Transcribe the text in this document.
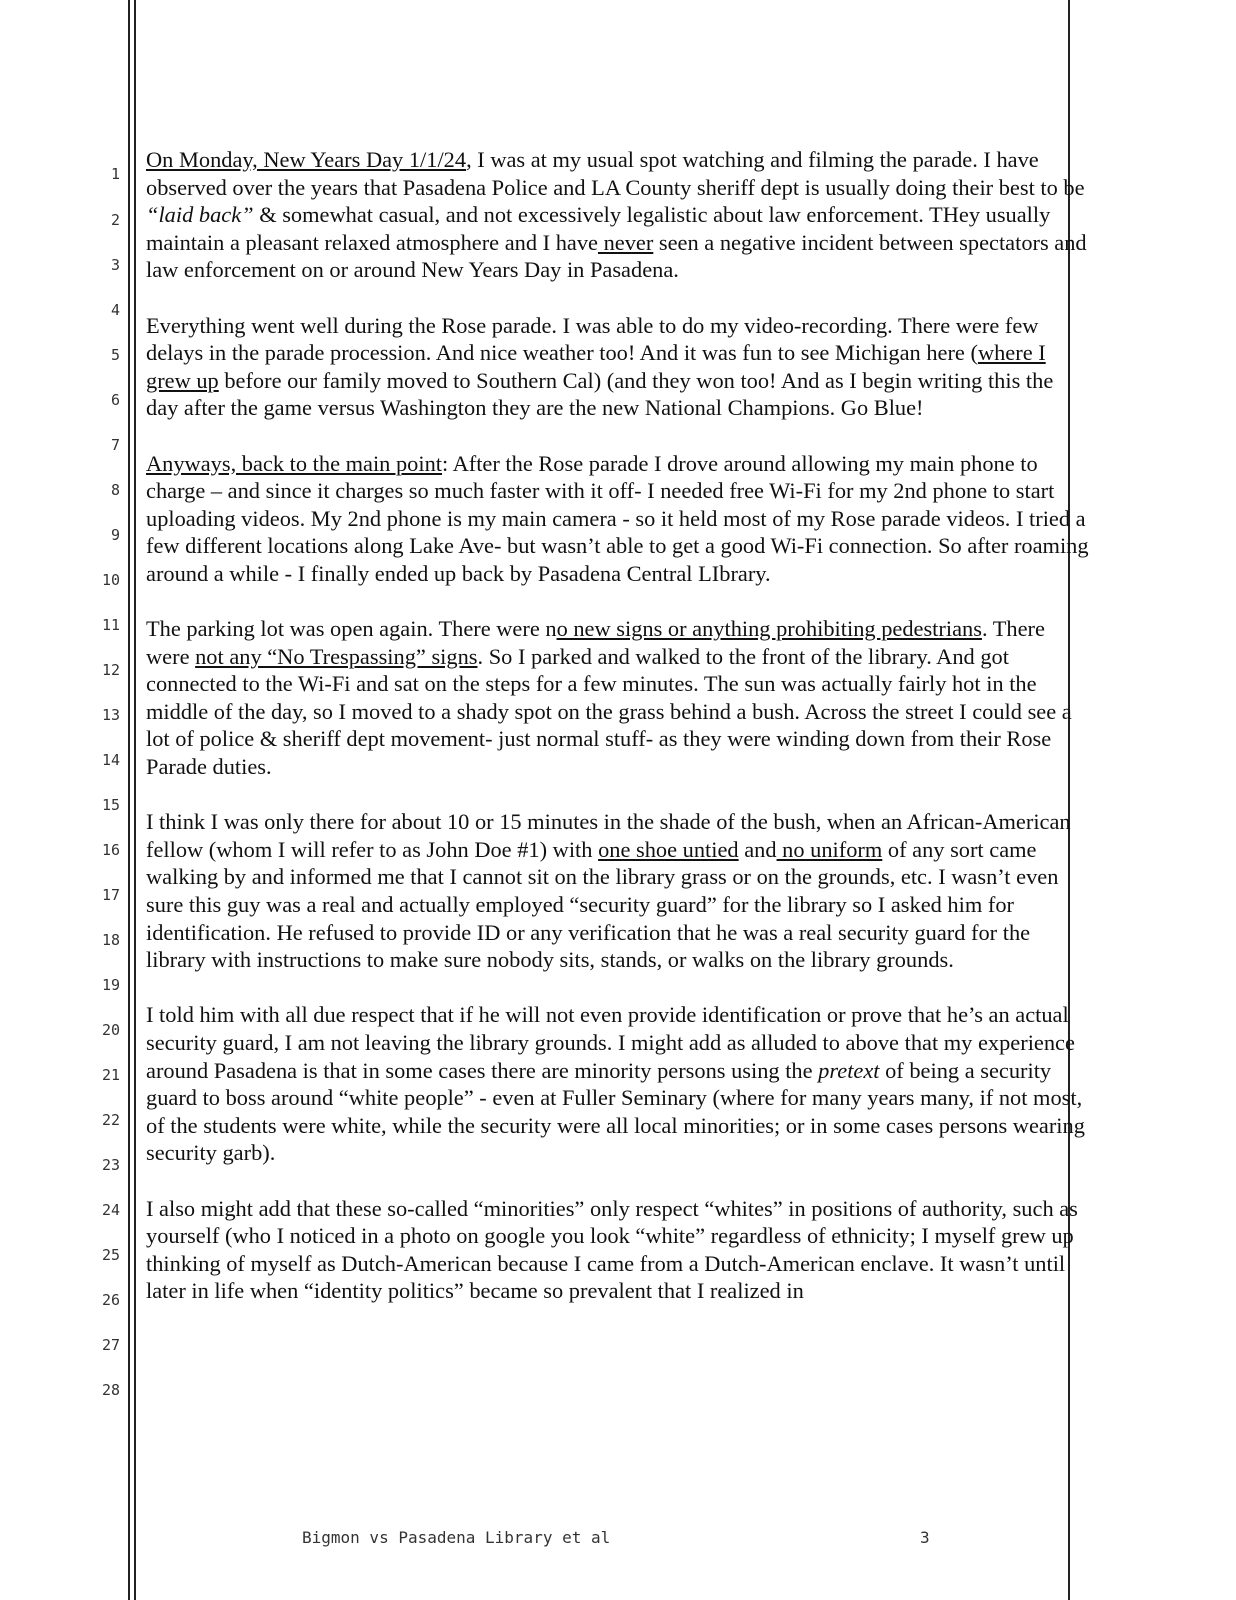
1
2
3
4
5
6
7
8
9
10
11
12
13
14
15
16
17
18
19
20
21
22
23
24
25
26
27
28

On Monday, New Years Day 1/1/24, I was at my usual spot watching and filming the parade. I have observed over the years that Pasadena Police and LA County sheriff dept is usually doing their best to be “laid back” & somewhat casual, and not excessively legalistic about law enforcement. THey usually maintain a pleasant relaxed atmosphere and I have never seen a negative incident between spectators and law enforcement on or around New Years Day in Pasadena.

Everything went well during the Rose parade. I was able to do my video-recording. There were few delays in the parade procession. And nice weather too! And it was fun to see Michigan here (where I grew up before our family moved to Southern Cal) (and they won too! And as I begin writing this the day after the game versus Washington they are the new National Champions. Go Blue!

Anyways, back to the main point: After the Rose parade I drove around allowing my main phone to charge – and since it charges so much faster with it off- I needed free Wi-Fi for my 2nd phone to start uploading videos. My 2nd phone is my main camera - so it held most of my Rose parade videos. I tried a few different locations along Lake Ave- but wasn’t able to get a good Wi-Fi connection. So after roaming around a while - I finally ended up back by Pasadena Central LIbrary.

The parking lot was open again. There were no new signs or anything prohibiting pedestrians. There were not any “No Trespassing” signs. So I parked and walked to the front of the library. And got connected to the Wi-Fi and sat on the steps for a few minutes. The sun was actually fairly hot in the middle of the day, so I moved to a shady spot on the grass behind a bush. Across the street I could see a lot of police & sheriff dept movement- just normal stuff- as they were winding down from their Rose Parade duties.

I think I was only there for about 10 or 15 minutes in the shade of the bush, when an African-American fellow (whom I will refer to as John Doe #1) with one shoe untied and no uniform of any sort came walking by and informed me that I cannot sit on the library grass or on the grounds, etc. I wasn’t even sure this guy was a real and actually employed “security guard” for the library so I asked him for identification. He refused to provide ID or any verification that he was a real security guard for the library with instructions to make sure nobody sits, stands, or walks on the library grounds.

I told him with all due respect that if he will not even provide identification or prove that he’s an actual security guard, I am not leaving the library grounds. I might add as alluded to above that my experience around Pasadena is that in some cases there are minority persons using the pretext of being a security guard to boss around “white people” - even at Fuller Seminary (where for many years many, if not most, of the students were white, while the security were all local minorities; or in some cases persons wearing security garb).

I also might add that these so-called “minorities” only respect “whites” in positions of authority, such as yourself (who I noticed in a photo on google you look “white” regardless of ethnicity; I myself grew up thinking of myself as Dutch-American because I came from a Dutch-American enclave. It wasn’t until later in life when “identity politics” became so prevalent that I realized in

Bigmon vs Pasadena Library et al	3
